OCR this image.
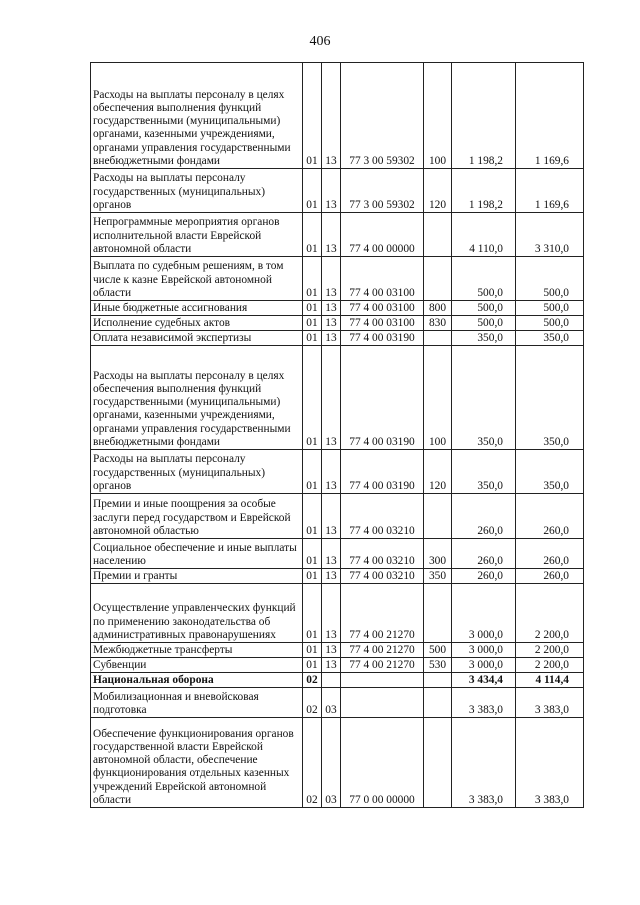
406
Расходы на выплаты персоналу в целях обеспечения выполнения функций государственными (муниципальными) органами, казенными учреждениями, органами управления государственными внебюджетными фондами	01	13	77 3 00 59302	100	1 198,2	1 169,6
Расходы на выплаты персоналу государственных (муниципальных) органов	01	13	77 3 00 59302	120	1 198,2	1 169,6
Непрограммные мероприятия органов исполнительной власти Еврейской автономной области	01	13	77 4 00 00000		4 110,0	3 310,0
Выплата по судебным решениям, в том числе к казне Еврейской автономной области	01	13	77 4 00 03100		500,0	500,0
Иные бюджетные ассигнования	01	13	77 4 00 03100	800	500,0	500,0
Исполнение судебных актов	01	13	77 4 00 03100	830	500,0	500,0
Оплата независимой экспертизы	01	13	77 4 00 03190		350,0	350,0
Расходы на выплаты персоналу в целях обеспечения выполнения функций государственными (муниципальными) органами, казенными учреждениями, органами управления государственными внебюджетными фондами	01	13	77 4 00 03190	100	350,0	350,0
Расходы на выплаты персоналу государственных (муниципальных) органов	01	13	77 4 00 03190	120	350,0	350,0
Премии и иные поощрения за особые заслуги перед государством и Еврейской автономной областью	01	13	77 4 00 03210		260,0	260,0
Социальное обеспечение и иные выплаты населению	01	13	77 4 00 03210	300	260,0	260,0
Премии и гранты	01	13	77 4 00 03210	350	260,0	260,0
Осуществление управленческих функций по применению законодательства об административных правонарушениях	01	13	77 4 00 21270		3 000,0	2 200,0
Межбюджетные трансферты	01	13	77 4 00 21270	500	3 000,0	2 200,0
Субвенции	01	13	77 4 00 21270	530	3 000,0	2 200,0
Национальная оборона	02				3 434,4	4 114,4
Мобилизационная и вневойсковая подготовка	02	03			3 383,0	3 383,0
Обеспечение функционирования органов государственной власти Еврейской автономной области, обеспечение функционирования отдельных казенных учреждений Еврейской автономной области	02	03	77 0 00 00000		3 383,0	3 383,0
